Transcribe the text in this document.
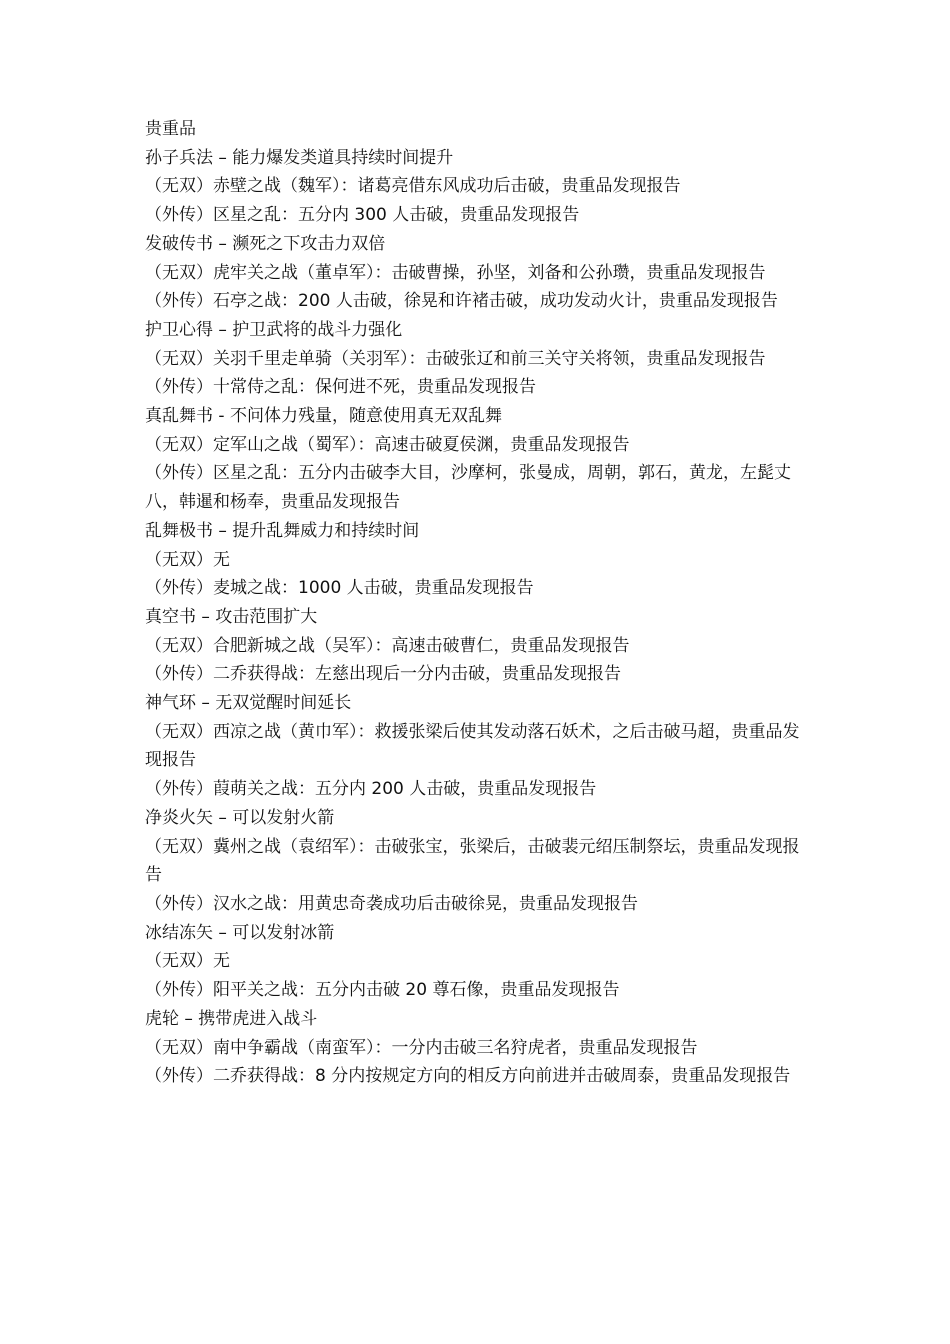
贵重品
孙子兵法 – 能力爆发类道具持续时间提升
（无双）赤壁之战（魏军）：诸葛亮借东风成功后击破，贵重品发现报告
（外传）区星之乱：五分内 300 人击破，贵重品发现报告
发破传书 – 濒死之下攻击力双倍
（无双）虎牢关之战（董卓军）：击破曹操，孙坚，刘备和公孙瓒，贵重品发现报告
（外传）石亭之战：200 人击破，徐晃和许褚击破，成功发动火计，贵重品发现报告
护卫心得 – 护卫武将的战斗力强化
（无双）关羽千里走单骑（关羽军）：击破张辽和前三关守关将领，贵重品发现报告
（外传）十常侍之乱：保何进不死，贵重品发现报告
真乱舞书 - 不问体力残量，随意使用真无双乱舞
（无双）定军山之战（蜀军）：高速击破夏侯渊，贵重品发现报告
（外传）区星之乱：五分内击破李大目，沙摩柯，张曼成，周朝，郭石，黄龙，左髭丈八，韩暹和杨奉，贵重品发现报告
乱舞极书 – 提升乱舞威力和持续时间
（无双）无
（外传）麦城之战：1000 人击破，贵重品发现报告
真空书 – 攻击范围扩大
（无双）合肥新城之战（吴军）：高速击破曹仁，贵重品发现报告
（外传）二乔获得战：左慈出现后一分内击破，贵重品发现报告
神气环 – 无双觉醒时间延长
（无双）西凉之战（黄巾军）：救援张梁后使其发动落石妖术，之后击破马超，贵重品发现报告
（外传）葭萌关之战：五分内 200 人击破，贵重品发现报告
净炎火矢 – 可以发射火箭
（无双）冀州之战（袁绍军）：击破张宝，张梁后，击破裴元绍压制祭坛，贵重品发现报告
（外传）汉水之战：用黄忠奇袭成功后击破徐晃，贵重品发现报告
冰结冻矢 – 可以发射冰箭
（无双）无
（外传）阳平关之战：五分内击破 20 尊石像，贵重品发现报告
虎轮 – 携带虎进入战斗
（无双）南中争霸战（南蛮军）：一分内击破三名狩虎者，贵重品发现报告
（外传）二乔获得战：8 分内按规定方向的相反方向前进并击破周泰，贵重品发现报告
